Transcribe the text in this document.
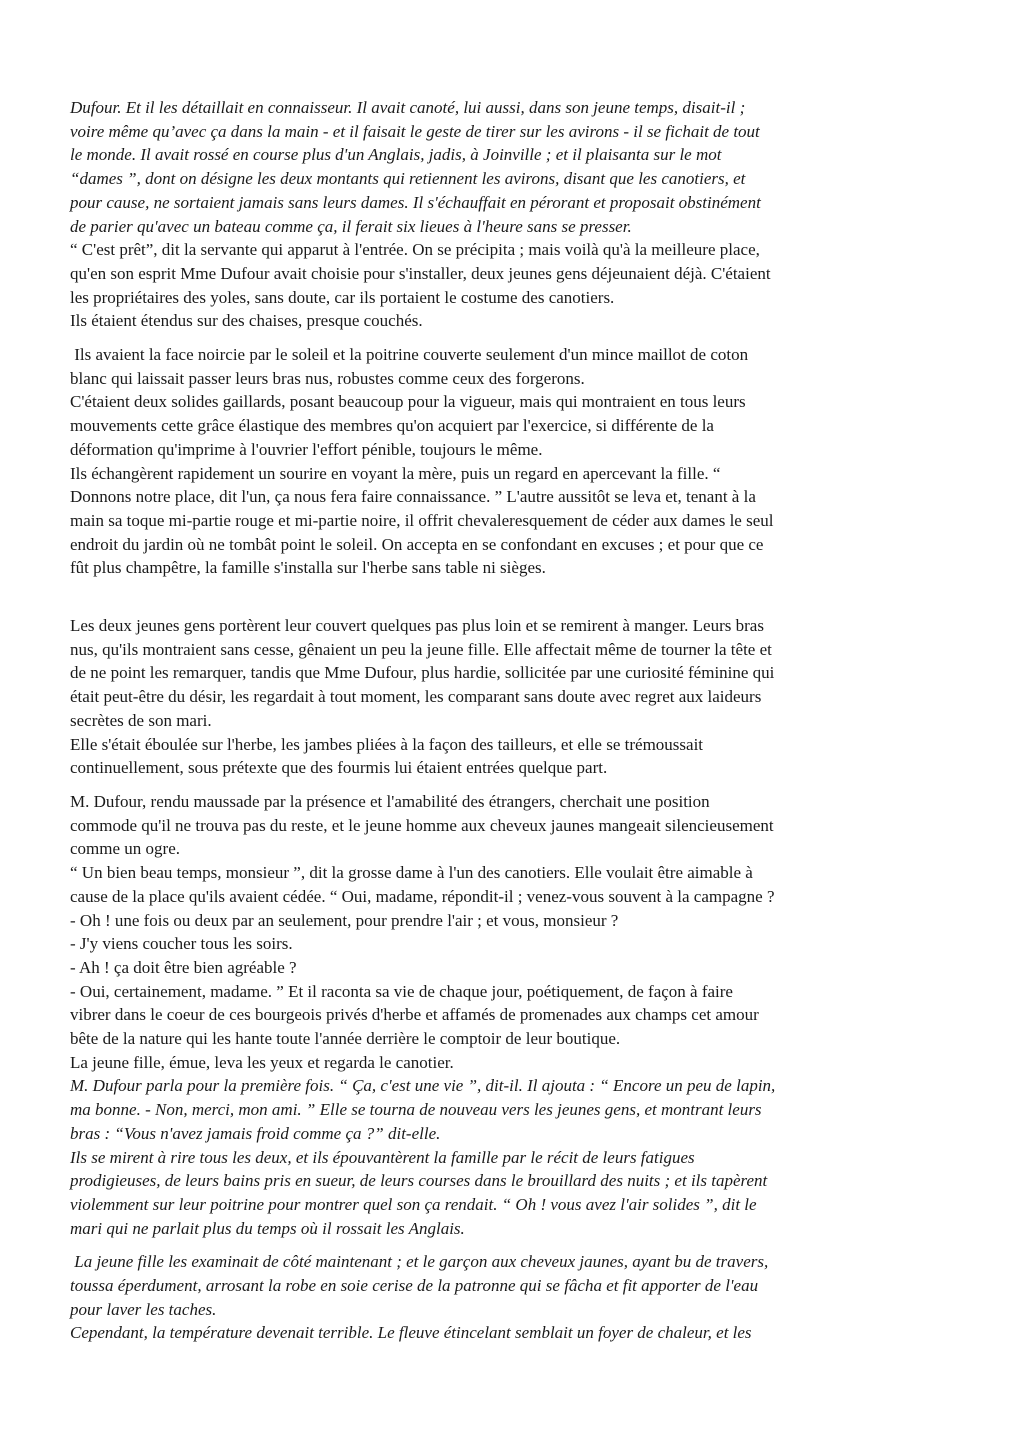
Dufour. Et il les détaillait en connaisseur. Il avait canoté, lui aussi, dans son jeune temps, disait-il ;
voire même qu’avec ça dans la main - et il faisait le geste de tirer sur les avirons - il se fichait de tout
le monde. Il avait rossé en course plus d'un Anglais, jadis, à Joinville ; et il plaisanta sur le mot
“dames ”, dont on désigne les deux montants qui retiennent les avirons, disant que les canotiers, et
pour cause, ne sortaient jamais sans leurs dames. Il s'échauffait en pérorant et proposait obstinément
de parier qu'avec un bateau comme ça, il ferait six lieues à l'heure sans se presser.
“ C'est prêt”, dit la servante qui apparut à l'entrée. On se précipita ; mais voilà qu'à la meilleure place,
qu'en son esprit Mme Dufour avait choisie pour s'installer, deux jeunes gens déjeunaient déjà. C'étaient
les propriétaires des yoles, sans doute, car ils portaient le costume des canotiers.
Ils étaient étendus sur des chaises, presque couchés.
Ils avaient la face noircie par le soleil et la poitrine couverte seulement d'un mince maillot de coton
blanc qui laissait passer leurs bras nus, robustes comme ceux des forgerons.
C'étaient deux solides gaillards, posant beaucoup pour la vigueur, mais qui montraient en tous leurs
mouvements cette grâce élastique des membres qu'on acquiert par l'exercice, si différente de la
déformation qu'imprime à l'ouvrier l'effort pénible, toujours le même.
Ils échangèrent rapidement un sourire en voyant la mère, puis un regard en apercevant la fille. “
Donnons notre place, dit l'un, ça nous fera faire connaissance. ” L'autre aussitôt se leva et, tenant à la
main sa toque mi-partie rouge et mi-partie noire, il offrit chevaleresquement de céder aux dames le seul
endroit du jardin où ne tombât point le soleil. On accepta en se confondant en excuses ; et pour que ce
fût plus champêtre, la famille s'installa sur l'herbe sans table ni sièges.
Les deux jeunes gens portèrent leur couvert quelques pas plus loin et se remirent à manger. Leurs bras
nus, qu'ils montraient sans cesse, gênaient un peu la jeune fille. Elle affectait même de tourner la tête et
de ne point les remarquer, tandis que Mme Dufour, plus hardie, sollicitée par une curiosité féminine qui
était peut-être du désir, les regardait à tout moment, les comparant sans doute avec regret aux laideurs
secrètes de son mari.
Elle s'était éboulée sur l'herbe, les jambes pliées à la façon des tailleurs, et elle se trémoussait
continuellement, sous prétexte que des fourmis lui étaient entrées quelque part.
M. Dufour, rendu maussade par la présence et l'amabilité des étrangers, cherchait une position
commode qu'il ne trouva pas du reste, et le jeune homme aux cheveux jaunes mangeait silencieusement
comme un ogre.
“ Un bien beau temps, monsieur ”, dit la grosse dame à l'un des canotiers. Elle voulait être aimable à
cause de la place qu'ils avaient cédée. “ Oui, madame, répondit-il ; venez-vous souvent à la campagne ?
- Oh ! une fois ou deux par an seulement, pour prendre l'air ; et vous, monsieur ?
- J'y viens coucher tous les soirs.
- Ah ! ça doit être bien agréable ?
- Oui, certainement, madame. ” Et il raconta sa vie de chaque jour, poétiquement, de façon à faire
vibrer dans le coeur de ces bourgeois privés d'herbe et affamés de promenades aux champs cet amour
bête de la nature qui les hante toute l'année derrière le comptoir de leur boutique.
La jeune fille, émue, leva les yeux et regarda le canotier.
M. Dufour parla pour la première fois. “ Ça, c'est une vie ”, dit-il. Il ajouta : “ Encore un peu de lapin,
ma bonne. - Non, merci, mon ami. ” Elle se tourna de nouveau vers les jeunes gens, et montrant leurs
bras : “Vous n'avez jamais froid comme ça ?” dit-elle.
Ils se mirent à rire tous les deux, et ils épouvantèrent la famille par le récit de leurs fatigues
prodigieuses, de leurs bains pris en sueur, de leurs courses dans le brouillard des nuits ; et ils tapèrent
violemment sur leur poitrine pour montrer quel son ça rendait. “ Oh ! vous avez l'air solides ”, dit le
mari qui ne parlait plus du temps où il rossait les Anglais.
La jeune fille les examinait de côté maintenant ; et le garçon aux cheveux jaunes, ayant bu de travers,
toussa éperdument, arrosant la robe en soie cerise de la patronne qui se fâcha et fit apporter de l'eau
pour laver les taches.
Cependant, la température devenait terrible. Le fleuve étincelant semblait un foyer de chaleur, et les
